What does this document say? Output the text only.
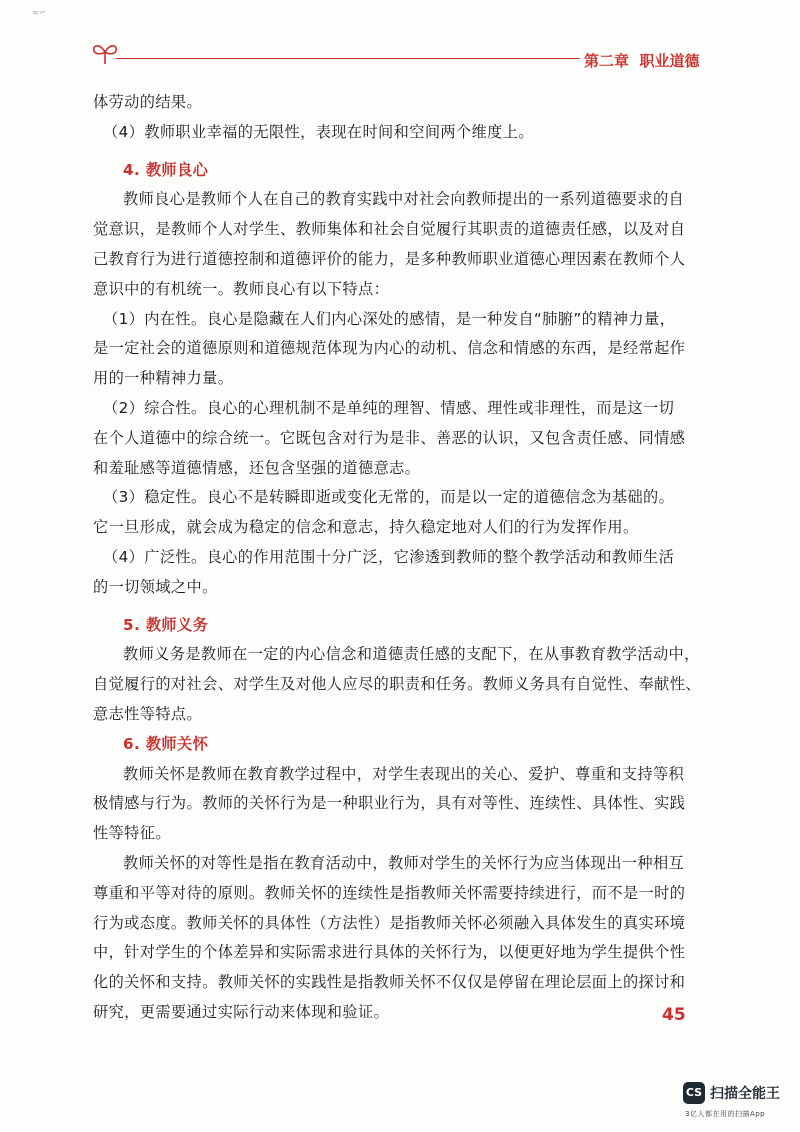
≈⌐
第二章 职业道德
体劳动的结果。
（4）教师职业幸福的无限性，表现在时间和空间两个维度上。
4. 教师良心
教师良心是教师个人在自己的教育实践中对社会向教师提出的一系列道德要求的自
觉意识，是教师个人对学生、教师集体和社会自觉履行其职责的道德责任感，以及对自
己教育行为进行道德控制和道德评价的能力，是多种教师职业道德心理因素在教师个人
意识中的有机统一。教师良心有以下特点：
（1）内在性。良心是隐藏在人们内心深处的感情，是一种发自“肺腑”的精神力量，
是一定社会的道德原则和道德规范体现为内心的动机、信念和情感的东西，是经常起作
用的一种精神力量。
（2）综合性。良心的心理机制不是单纯的理智、情感、理性或非理性，而是这一切
在个人道德中的综合统一。它既包含对行为是非、善恶的认识，又包含责任感、同情感
和羞耻感等道德情感，还包含坚强的道德意志。
（3）稳定性。良心不是转瞬即逝或变化无常的，而是以一定的道德信念为基础的。
它一旦形成，就会成为稳定的信念和意志，持久稳定地对人们的行为发挥作用。
（4）广泛性。良心的作用范围十分广泛，它渗透到教师的整个教学活动和教师生活
的一切领域之中。
5. 教师义务
教师义务是教师在一定的内心信念和道德责任感的支配下，在从事教育教学活动中，
自觉履行的对社会、对学生及对他人应尽的职责和任务。教师义务具有自觉性、奉献性、
意志性等特点。
6. 教师关怀
教师关怀是教师在教育教学过程中，对学生表现出的关心、爱护、尊重和支持等积
极情感与行为。教师的关怀行为是一种职业行为，具有对等性、连续性、具体性、实践
性等特征。
教师关怀的对等性是指在教育活动中，教师对学生的关怀行为应当体现出一种相互
尊重和平等对待的原则。教师关怀的连续性是指教师关怀需要持续进行，而不是一时的
行为或态度。教师关怀的具体性（方法性）是指教师关怀必须融入具体发生的真实环境
中，针对学生的个体差异和实际需求进行具体的关怀行为，以便更好地为学生提供个性
化的关怀和支持。教师关怀的实践性是指教师关怀不仅仅是停留在理论层面上的探讨和
研究，更需要通过实际行动来体现和验证。	45
CS 扫描全能王
3亿人都在用的扫描App
